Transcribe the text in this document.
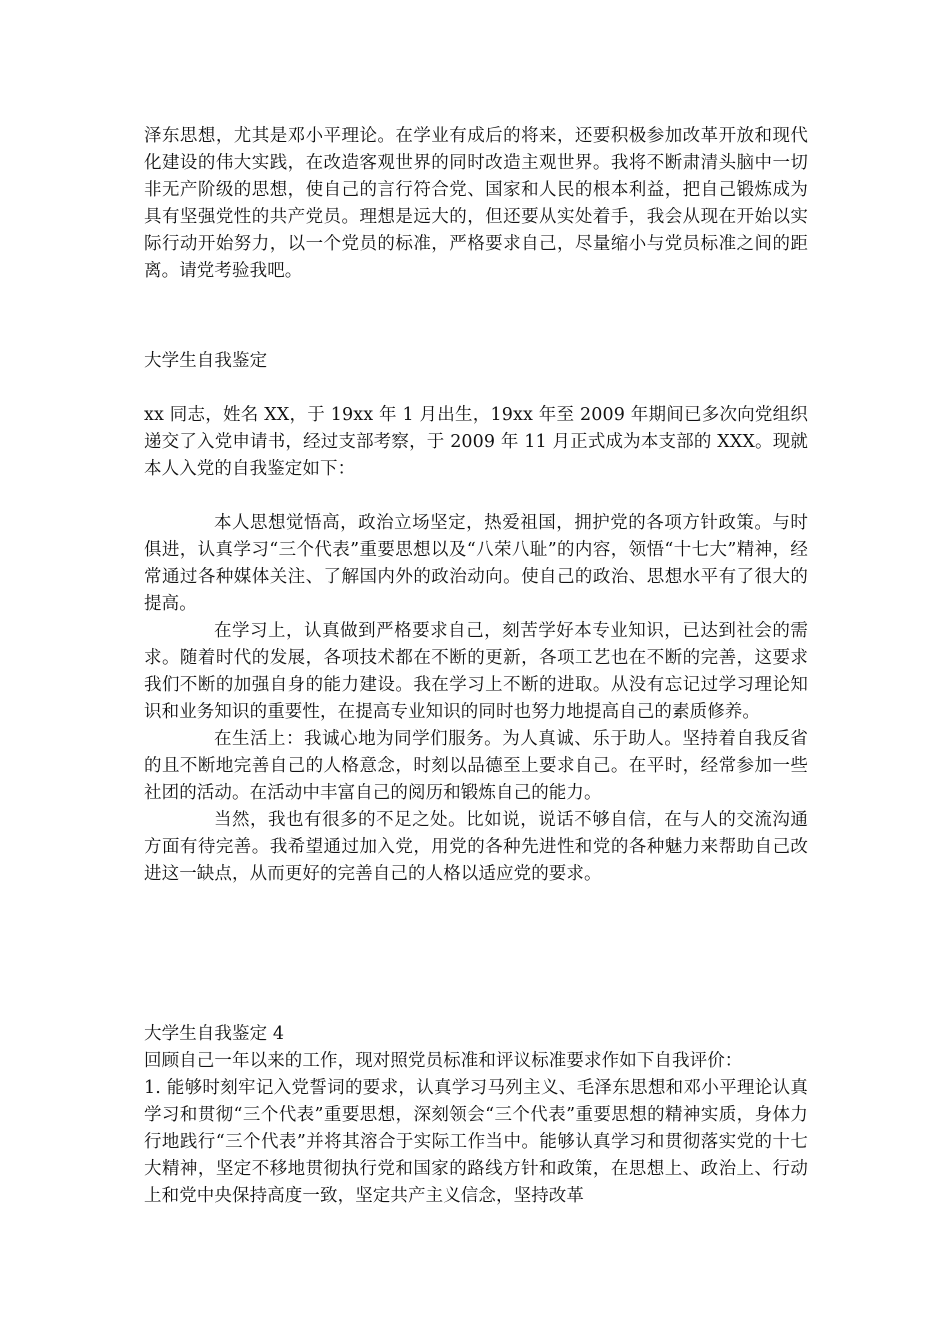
泽东思想，尤其是邓小平理论。在学业有成后的将来，还要积极参加改革开放和现代化建设的伟大实践，在改造客观世界的同时改造主观世界。我将不断肃清头脑中一切非无产阶级的思想，使自己的言行符合党、国家和人民的根本利益，把自己锻炼成为具有坚强党性的共产党员。理想是远大的，但还要从实处着手，我会从现在开始以实际行动开始努力，以一个党员的标准，严格要求自己，尽量缩小与党员标准之间的距离。请党考验我吧。

大学生自我鉴定

xx 同志，姓名 XX，于 19xx 年 1 月出生，19xx 年至 2009 年期间已多次向党组织递交了入党申请书，经过支部考察，于 2009 年 11 月正式成为本支部的 XXX。现就本人入党的自我鉴定如下：

本人思想觉悟高，政治立场坚定，热爱祖国，拥护党的各项方针政策。与时俱进，认真学习“三个代表”重要思想以及“八荣八耻”的内容，领悟“十七大”精神，经常通过各种媒体关注、了解国内外的政治动向。使自己的政治、思想水平有了很大的提高。

在学习上，认真做到严格要求自己，刻苦学好本专业知识，已达到社会的需求。随着时代的发展，各项技术都在不断的更新，各项工艺也在不断的完善，这要求我们不断的加强自身的能力建设。我在学习上不断的进取。从没有忘记过学习理论知识和业务知识的重要性，在提高专业知识的同时也努力地提高自己的素质修养。

在生活上：我诚心地为同学们服务。为人真诚、乐于助人。坚持着自我反省的且不断地完善自己的人格意念，时刻以品德至上要求自己。在平时，经常参加一些社团的活动。在活动中丰富自己的阅历和锻炼自己的能力。

当然，我也有很多的不足之处。比如说，说话不够自信，在与人的交流沟通方面有待完善。我希望通过加入党，用党的各种先进性和党的各种魅力来帮助自己改进这一缺点，从而更好的完善自己的人格以适应党的要求。

大学生自我鉴定 4

回顾自己一年以来的工作，现对照党员标准和评议标准要求作如下自我评价：

1. 能够时刻牢记入党誓词的要求，认真学习马列主义、毛泽东思想和邓小平理论认真学习和贯彻“三个代表”重要思想，深刻领会“三个代表”重要思想的精神实质，身体力行地践行“三个代表”并将其溶合于实际工作当中。能够认真学习和贯彻落实党的十七大精神，坚定不移地贯彻执行党和国家的路线方针和政策，在思想上、政治上、行动上和党中央保持高度一致，坚定共产主义信念，坚持改革
